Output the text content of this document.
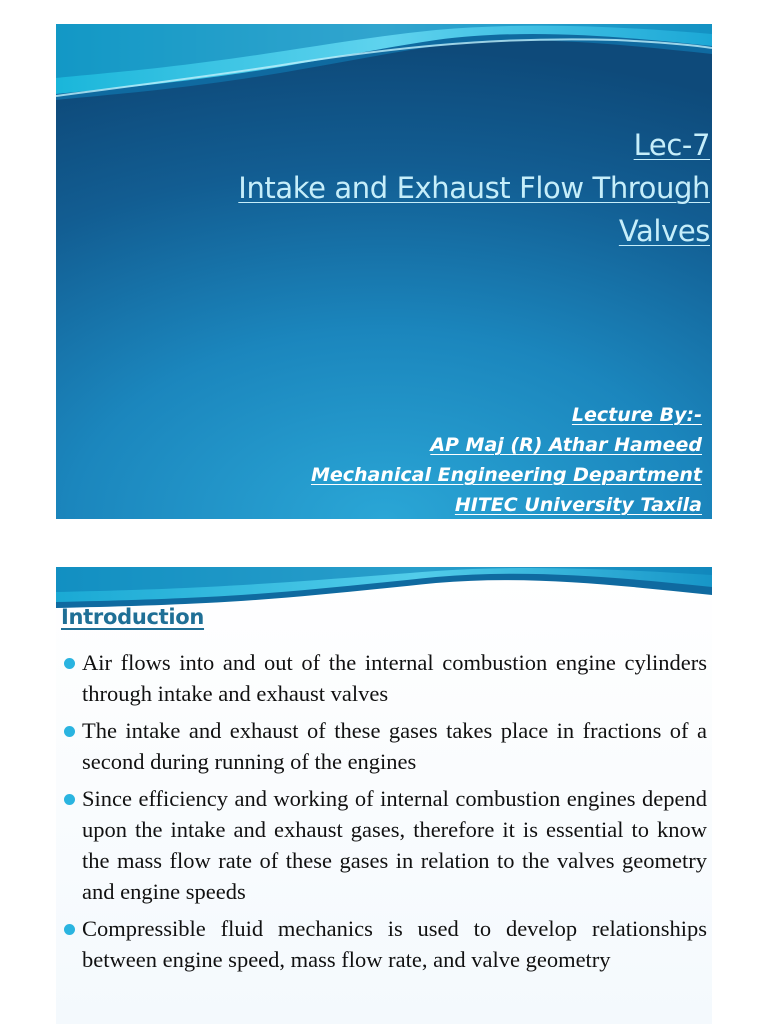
Lec-7
Intake and Exhaust Flow Through
Valves
Lecture By:-
AP Maj (R) Athar Hameed
Mechanical Engineering Department
HITEC University Taxila
Introduction
Air flows into and out of the internal combustion engine cylinders through intake and exhaust valves
The intake and exhaust of these gases takes place in fractions of a second during running of the engines
Since efficiency and working of internal combustion engines depend upon the intake and exhaust gases, therefore it is essential to know the mass flow rate of these gases in relation to the valves geometry and engine speeds
Compressible fluid mechanics is used to develop relationships between engine speed, mass flow rate, and valve geometry
